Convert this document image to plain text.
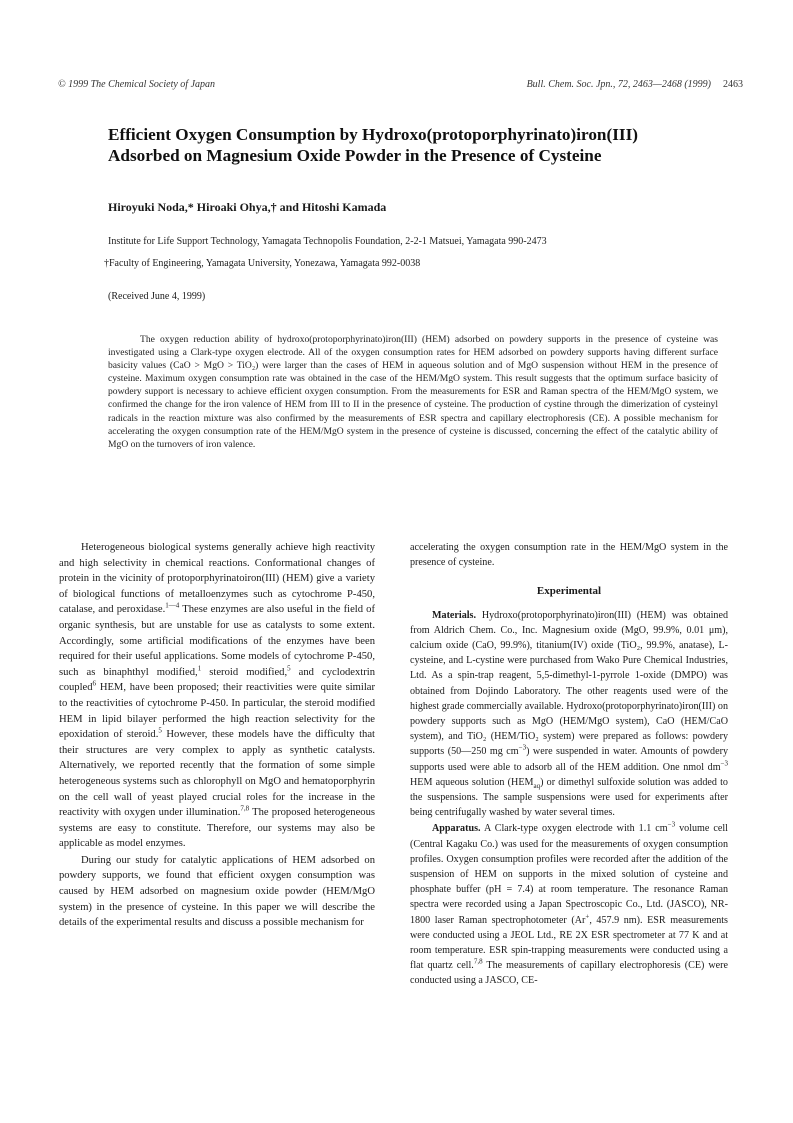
© 1999 The Chemical Society of Japan	Bull. Chem. Soc. Jpn., 72, 2463—2468 (1999) 2463
Efficient Oxygen Consumption by Hydroxo(protoporphyrinato)iron(III)
Adsorbed on Magnesium Oxide Powder in the Presence of Cysteine
Hiroyuki Noda,* Hiroaki Ohya,† and Hitoshi Kamada
Institute for Life Support Technology, Yamagata Technopolis Foundation, 2-2-1 Matsuei, Yamagata 990-2473
†Faculty of Engineering, Yamagata University, Yonezawa, Yamagata 992-0038
(Received June 4, 1999)

The oxygen reduction ability of hydroxo(protoporphyrinato)iron(III) (HEM) adsorbed on powdery supports in the presence of cysteine was investigated using a Clark-type oxygen electrode. All of the oxygen consumption rates for HEM adsorbed on powdery supports having different surface basicity values (CaO > MgO > TiO₂) were larger than the cases of HEM in aqueous solution and of MgO suspension without HEM in the presence of cysteine. Maximum oxygen consumption rate was obtained in the case of the HEM/MgO system. This result suggests that the optimum surface basicity of powdery support is necessary to achieve efficient oxygen consumption. From the measurements for ESR and Raman spectra of the HEM/MgO system, we confirmed the change for the iron valence of HEM from III to II in the presence of cysteine. The production of cystine through the dimerization of cysteinyl radicals in the reaction mixture was also confirmed by the measurements of ESR spectra and capillary electrophoresis (CE). A possible mechanism for accelerating the oxygen consumption rate of the HEM/MgO system in the presence of cysteine is discussed, concerning the effect of the catalytic ability of MgO on the turnovers of iron valence.

Heterogeneous biological systems generally achieve high reactivity and high selectivity in chemical reactions. Conformational changes of protein in the vicinity of protoporphyrinatoiron(III) (HEM) give a variety of biological functions of metalloenzymes such as cytochrome P-450, catalase, and peroxidase.$^{1—4}$ These enzymes are also useful in the field of organic synthesis, but are unstable for use as catalysts to some extent. Accordingly, some artificial modifications of the enzymes have been required for their useful applications. Some models of cytochrome P-450, such as binaphthyl modified,$^1$ steroid modified,$^5$ and cyclodextrin coupled$^6$ HEM, have been proposed; their reactivities were quite similar to the reactivities of cytochrome P-450. In particular, the steroid modified HEM in lipid bilayer performed the high reaction selectivity for the epoxidation of steroid.$^5$ However, these models have the difficulty that their structures are very complex to apply as synthetic catalysts. Alternatively, we reported recently that the formation of some simple heterogeneous systems such as chlorophyll on MgO and hematoporphyrin on the cell wall of yeast played crucial roles for the increase in the reactivity with oxygen under illumination.$^{7,8}$ The proposed heterogeneous systems are easy to constitute. Therefore, our systems may also be applicable as model enzymes.

During our study for catalytic applications of HEM adsorbed on powdery supports, we found that efficient oxygen consumption was caused by HEM adsorbed on magnesium oxide powder (HEM/MgO system) in the presence of cysteine. In this paper we will describe the details of the experimental results and discuss a possible mechanism for

accelerating the oxygen consumption rate in the HEM/MgO system in the presence of cysteine.

Experimental

Materials. Hydroxo(protoporphyrinato)iron(III) (HEM) was obtained from Aldrich Chem. Co., Inc. Magnesium oxide (MgO, 99.9%, 0.01 μm), calcium oxide (CaO, 99.9%), titanium(IV) oxide (TiO₂, 99.9%, anatase), L-cysteine, and L-cystine were purchased from Wako Pure Chemical Industries, Ltd. As a spin-trap reagent, 5,5-dimethyl-1-pyrrole 1-oxide (DMPO) was obtained from Dojindo Laboratory. The other reagents used were of the highest grade commercially available. Hydroxo(protoporphyrinato)iron(III) on powdery supports such as MgO (HEM/MgO system), CaO (HEM/CaO system), and TiO₂ (HEM/TiO₂ system) were prepared as follows: powdery supports (50—250 mg $cm^{-3}$) were suspended in water. Amounts of powdery supports used were able to adsorb all of the HEM addition. One nmol $dm^{-3}$ HEM aqueous solution $(HEM_{aq})$ or dimethyl sulfoxide solution was added to the suspensions. The sample suspensions were used for experiments after being centrifugally washed by water several times.

Apparatus. A Clark-type oxygen electrode with 1.1 $cm^{-3}$ volume cell (Central Kagaku Co.) was used for the measurements of oxygen consumption profiles. Oxygen consumption profiles were recorded after the addition of the suspension of HEM on supports in the mixed solution of cysteine and phosphate buffer (pH = 7.4) at room temperature. The resonance Raman spectra were recorded using a Japan Spectroscopic Co., Ltd. (JASCO), NR-1800 laser Raman spectrophotometer (Ar+, 457.9 nm). ESR measurements were conducted using a JEOL Ltd., RE 2X ESR spectrometer at 77 K and at room temperature. ESR spin-trapping measurements were conducted using a flat quartz cell.$^{7,8}$ The measurements of capillary electrophoresis (CE) were conducted using a JASCO, CE-
